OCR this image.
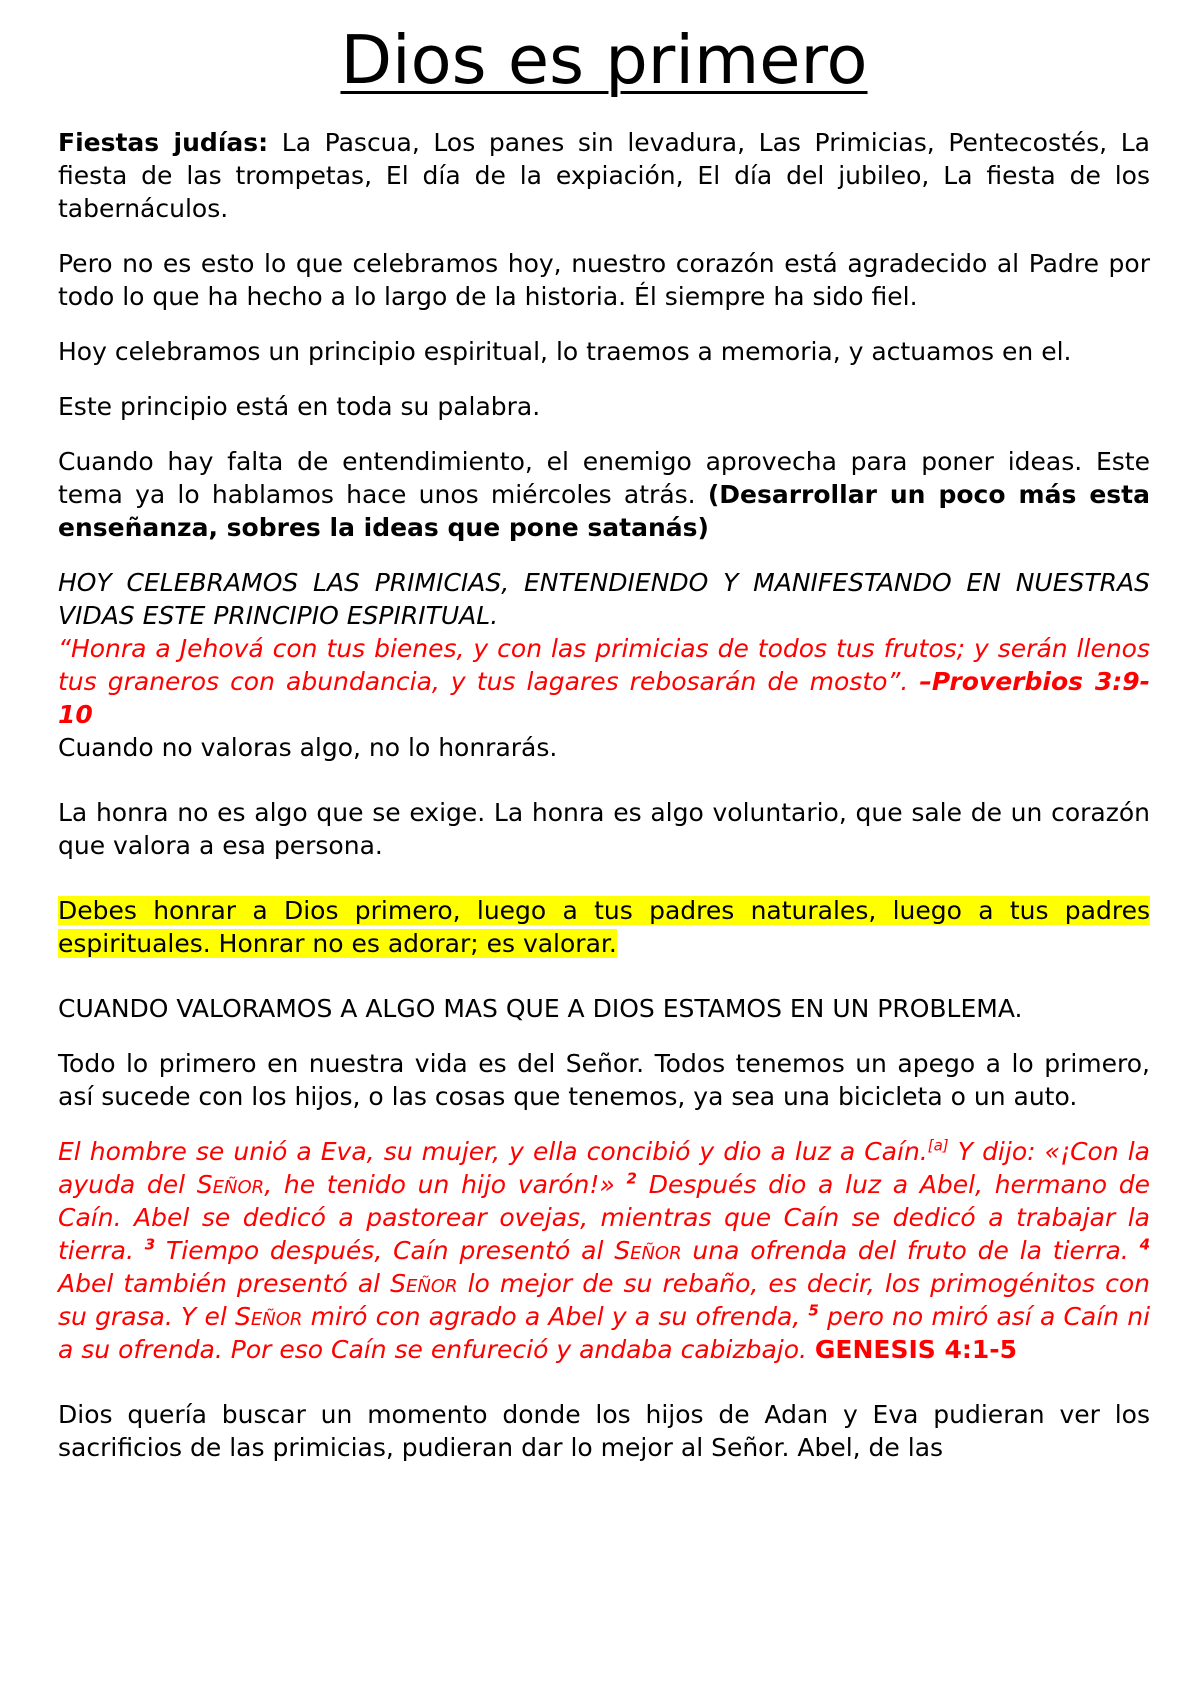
Dios es primero

Fiestas judías: La Pascua, Los panes sin levadura, Las Primicias, Pentecostés, La fiesta de las trompetas, El día de la expiación, El día del jubileo, La fiesta de los tabernáculos.

Pero no es esto lo que celebramos hoy, nuestro corazón está agradecido al Padre por todo lo que ha hecho a lo largo de la historia. Él siempre ha sido fiel.

Hoy celebramos un principio espiritual, lo traemos a memoria, y actuamos en el.

Este principio está en toda su palabra.

Cuando hay falta de entendimiento, el enemigo aprovecha para poner ideas. Este tema ya lo hablamos hace unos miércoles atrás. (Desarrollar un poco más esta enseñanza, sobres la ideas que pone satanás)

HOY CELEBRAMOS LAS PRIMICIAS, ENTENDIENDO Y MANIFESTANDO EN NUESTRAS VIDAS ESTE PRINCIPIO ESPIRITUAL.

“Honra a Jehová con tus bienes, y con las primicias de todos tus frutos; y serán llenos tus graneros con abundancia, y tus lagares rebosarán de mosto”. –Proverbios 3:9-10

Cuando no valoras algo, no lo honrarás.

La honra no es algo que se exige. La honra es algo voluntario, que sale de un corazón que valora a esa persona.

Debes honrar a Dios primero, luego a tus padres naturales, luego a tus padres espirituales. Honrar no es adorar; es valorar.

CUANDO VALORAMOS A ALGO MAS QUE A DIOS ESTAMOS EN UN PROBLEMA.

Todo lo primero en nuestra vida es del Señor. Todos tenemos un apego a lo primero, así sucede con los hijos, o las cosas que tenemos, ya sea una bicicleta o un auto.

El hombre se unió a Eva, su mujer, y ella concibió y dio a luz a Caín.[a] Y dijo: «¡Con la ayuda del Señor, he tenido un hijo varón!» $^2$ Después dio a luz a Abel, hermano de Caín. Abel se dedicó a pastorear ovejas, mientras que Caín se dedicó a trabajar la tierra. $^3$ Tiempo después, Caín presentó al Señor una ofrenda del fruto de la tierra. $^4$ Abel también presentó al Señor lo mejor de su rebaño, es decir, los primogénitos con su grasa. Y el Señor miró con agrado a Abel y a su ofrenda, $^5$ pero no miró así a Caín ni a su ofrenda. Por eso Caín se enfureció y andaba cabizbajo. GENESIS 4:1-5

Dios quería buscar un momento donde los hijos de Adan y Eva pudieran ver los sacrificios de las primicias, pudieran dar lo mejor al Señor. Abel, de las
